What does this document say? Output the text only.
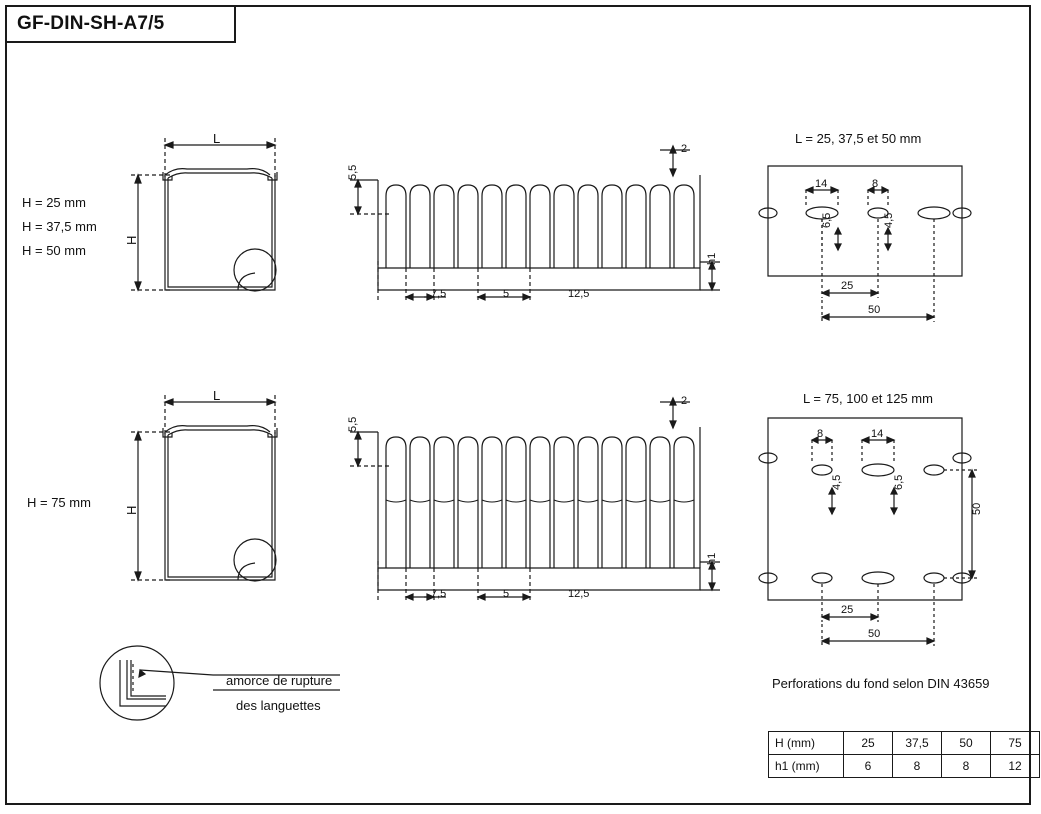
GF-DIN-SH-A7/5
H = 25 mm
H = 37,5 mm
H = 50 mm
H = 75 mm
L
L
H
H
5,5
5,5
2
2
h1
h1
7,5	5	12,5
7,5	5	12,5
L = 25, 37,5 et 50 mm
L = 75, 100 et 125 mm
14	8
6,5	4,5
25
50
8	14
4,5	6,5
50
25
50
Perforations du fond selon DIN 43659
amorce de rupture
des languettes
H (mm)	25	37,5	50	75
h1 (mm)	6	8	8	12
